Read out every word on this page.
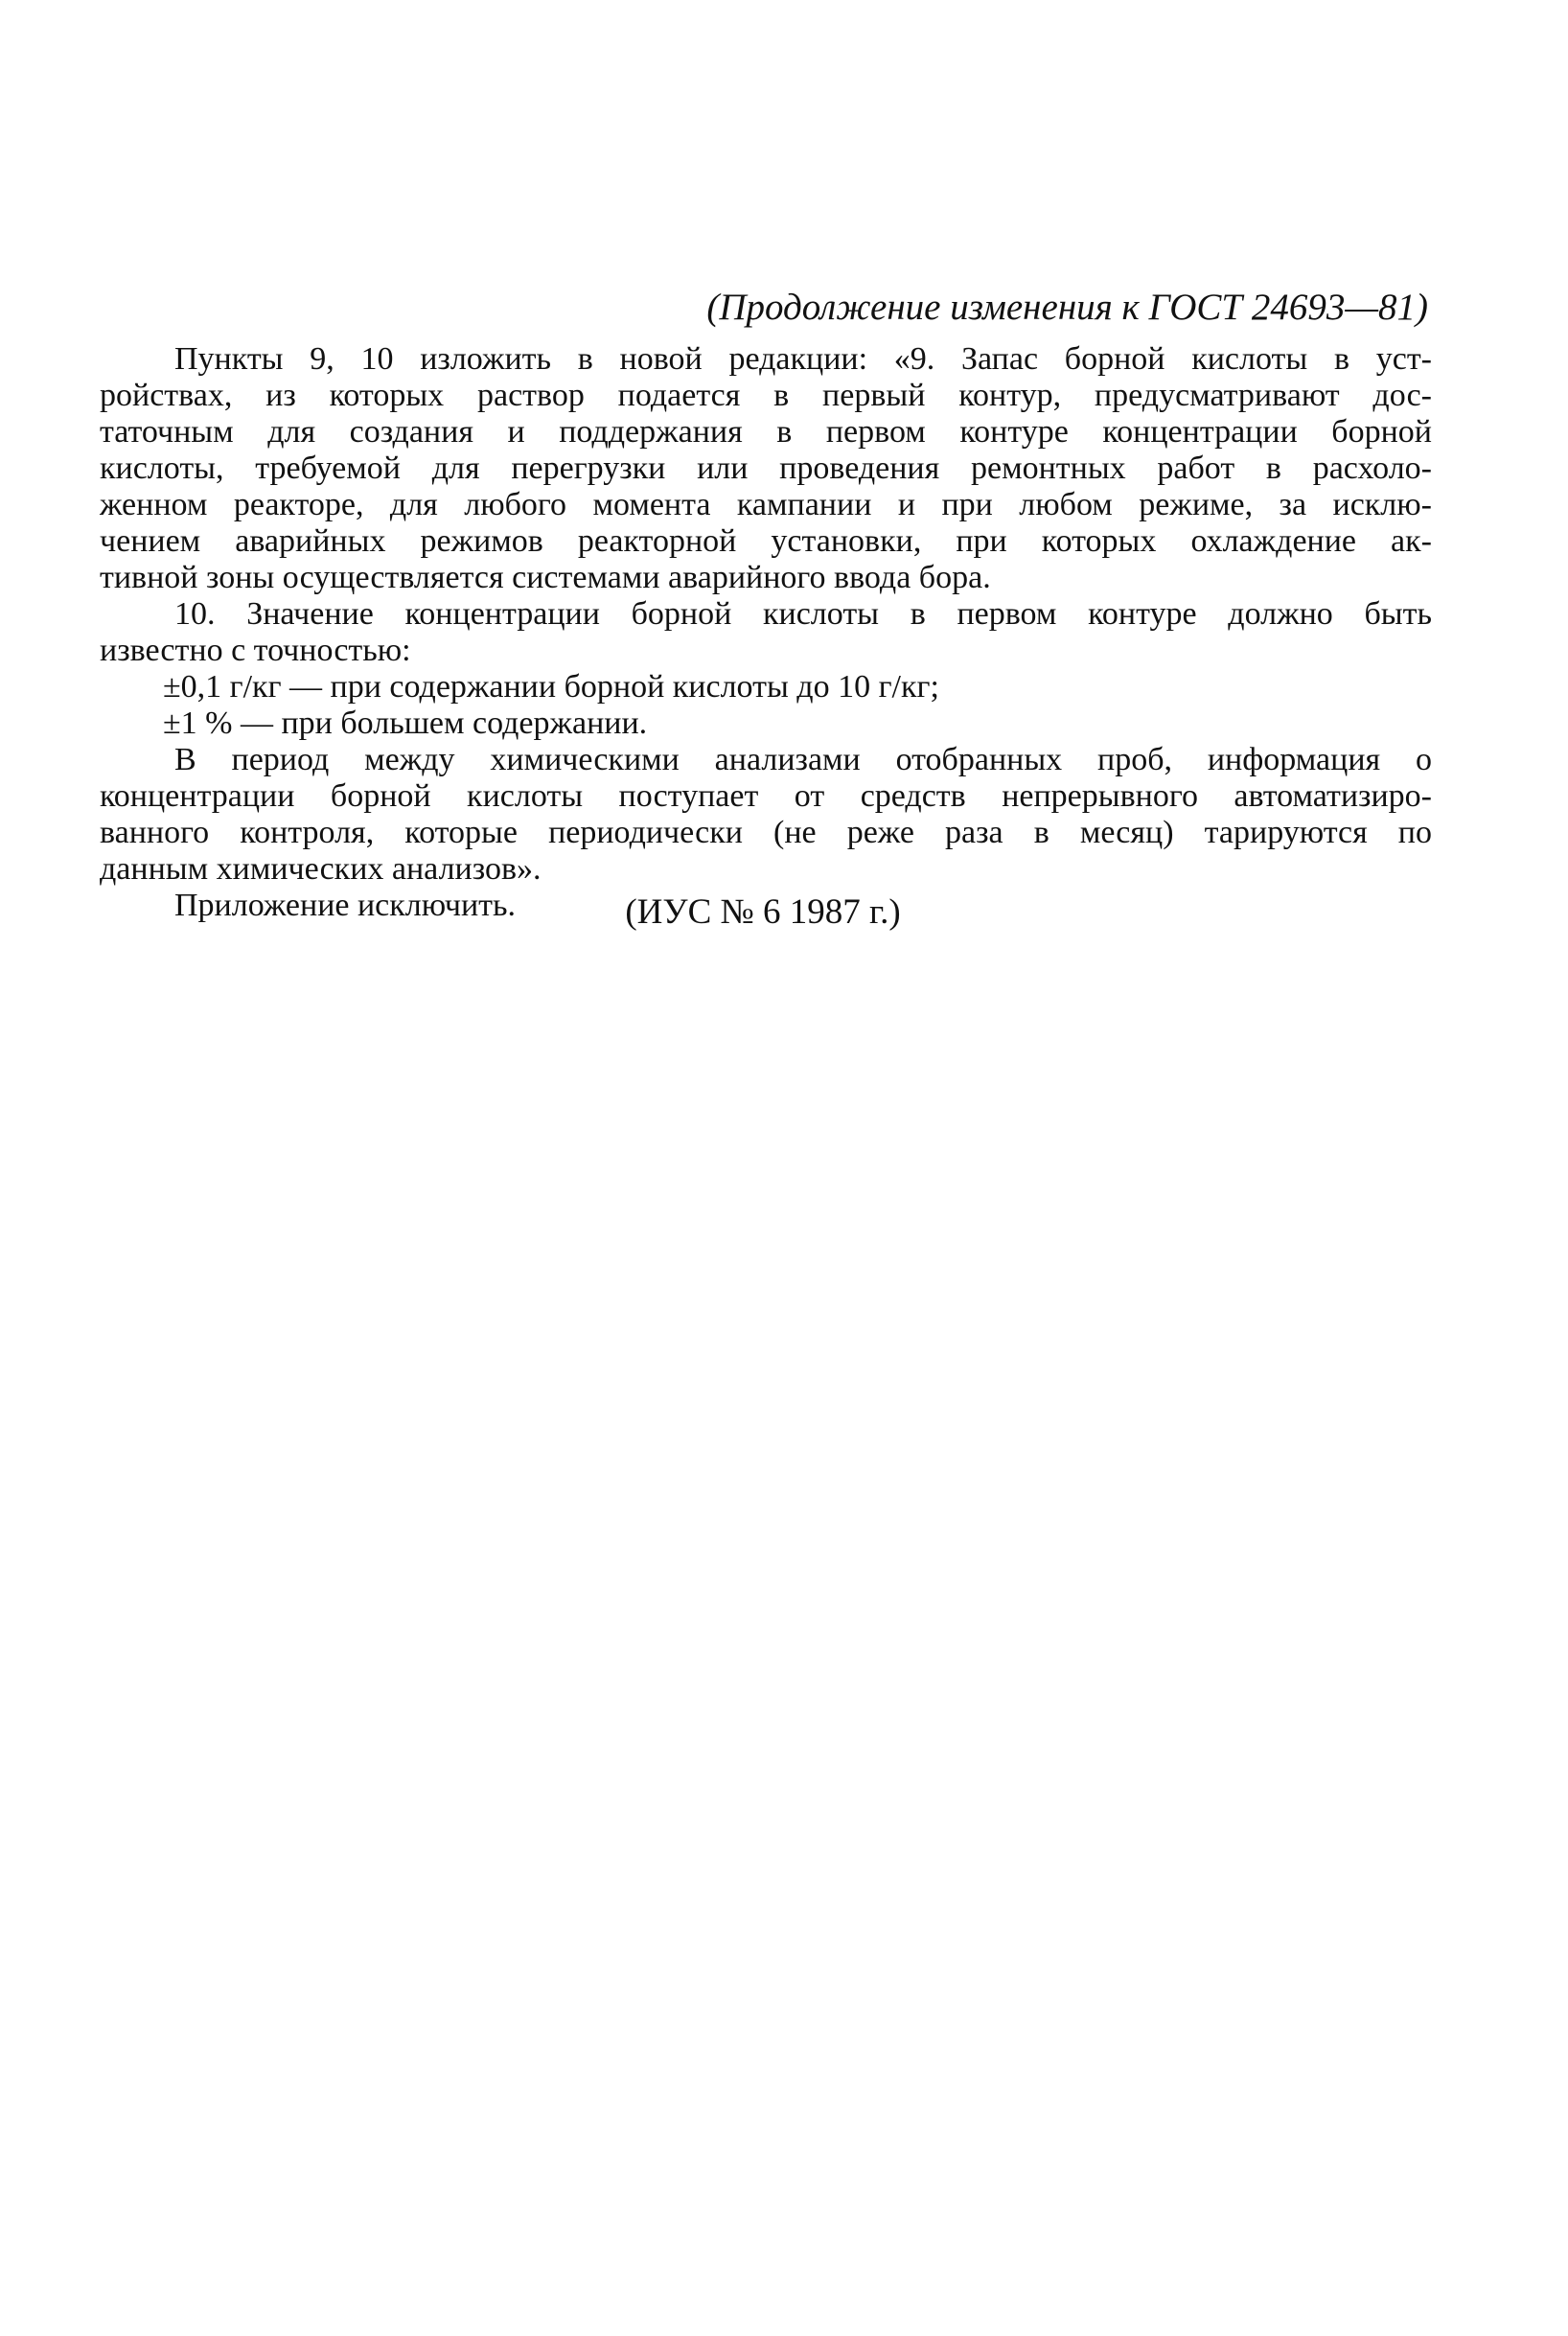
(Продолжение изменения к ГОСТ 24693—81)
Пункты 9, 10 изложить в новой редакции: «9. Запас борной кислоты в уст-
ройствах, из которых раствор подается в первый контур, предусматривают дос-
таточным для создания и поддержания в первом контуре концентрации борной
кислоты, требуемой для перегрузки или проведения ремонтных работ в расхоло-
женном реакторе, для любого момента кампании и при любом режиме, за исклю-
чением аварийных режимов реакторной установки, при которых охлаждение ак-
тивной зоны осуществляется системами аварийного ввода бора.
10. Значение концентрации борной кислоты в первом контуре должно быть
известно с точностью:
±0,1 г/кг — при содержании борной кислоты до 10 г/кг;
±1 % — при большем содержании.
В период между химическими анализами отобранных проб, информация о
концентрации борной кислоты поступает от средств непрерывного автоматизиро-
ванного контроля, которые периодически (не реже раза в месяц) тарируются по
данным химических анализов».
Приложение исключить.	(ИУС № 6 1987 г.)
